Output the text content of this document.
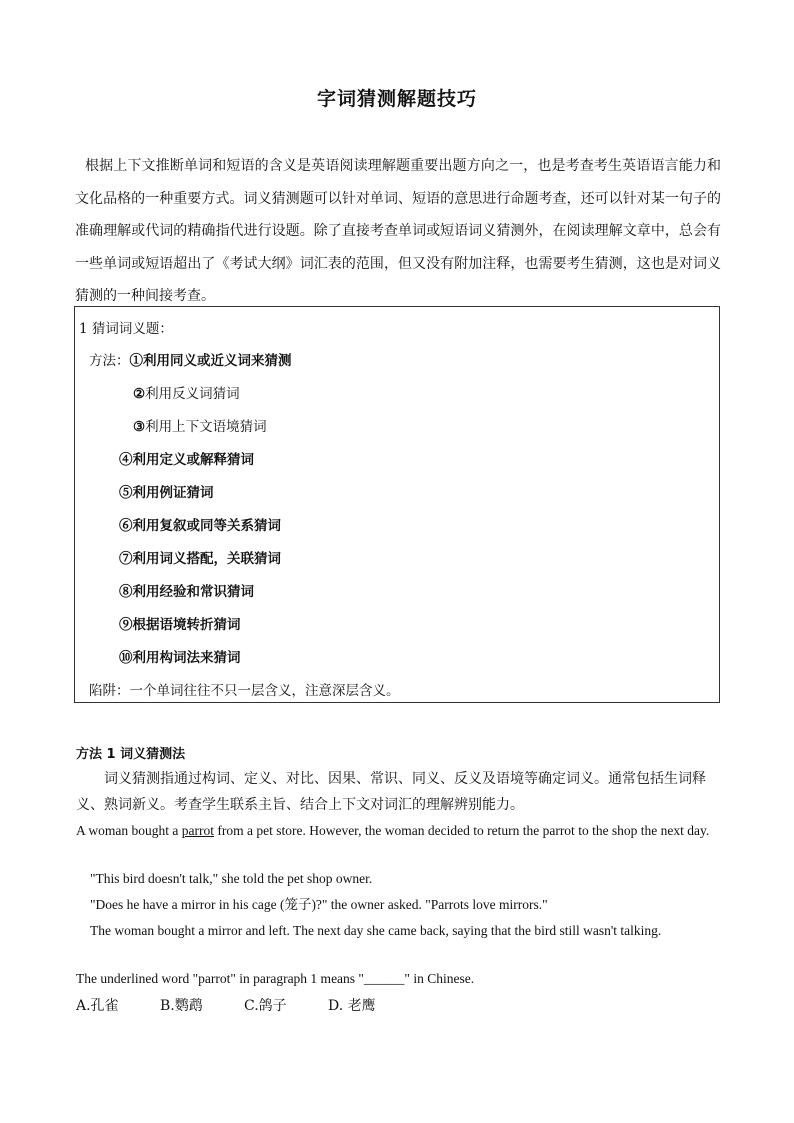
字词猜测解题技巧

根据上下文推断单词和短语的含义是英语阅读理解题重要出题方向之一，也是考查考生英语语言能力和文化品格的一种重要方式。词义猜测题可以针对单词、短语的意思进行命题考查，还可以针对某一句子的准确理解或代词的精确指代进行设题。除了直接考查单词或短语词义猜测外，在阅读理解文章中，总会有一些单词或短语超出了《考试大纲》词汇表的范围，但又没有附加注释，也需要考生猜测，这也是对词义猜测的一种间接考查。

1 猜词词义题：
方法：①利用同义或近义词来猜测
②利用反义词猜词
③利用上下文语境猜词
④利用定义或解释猜词
⑤利用例证猜词
⑥利用复叙或同等关系猜词
⑦利用词义搭配，关联猜词
⑧利用经验和常识猜词
⑨根据语境转折猜词
⑩利用构词法来猜词
陷阱：一个单词往往不只一层含义，注意深层含义。
方法 1 词义猜测法
词义猜测指通过构词、定义、对比、因果、常识、同义、反义及语境等确定词义。通常包括生词释义、熟词新义。考查学生联系主旨、结合上下文对词汇的理解辨别能力。
A woman bought a parrot from a pet store. However, the woman decided to return the parrot to the shop the next day.
"This bird doesn't talk," she told the pet shop owner.
"Does he have a mirror in his cage (笼子)?" the owner asked. "Parrots love mirrors."
The woman bought a mirror and left. The next day she came back, saying that the bird still wasn't talking.
The underlined word "parrot" in paragraph 1 means "______" in Chinese.
A.孔雀	B.鹦鹉	C.鸽子	D. 老鹰
